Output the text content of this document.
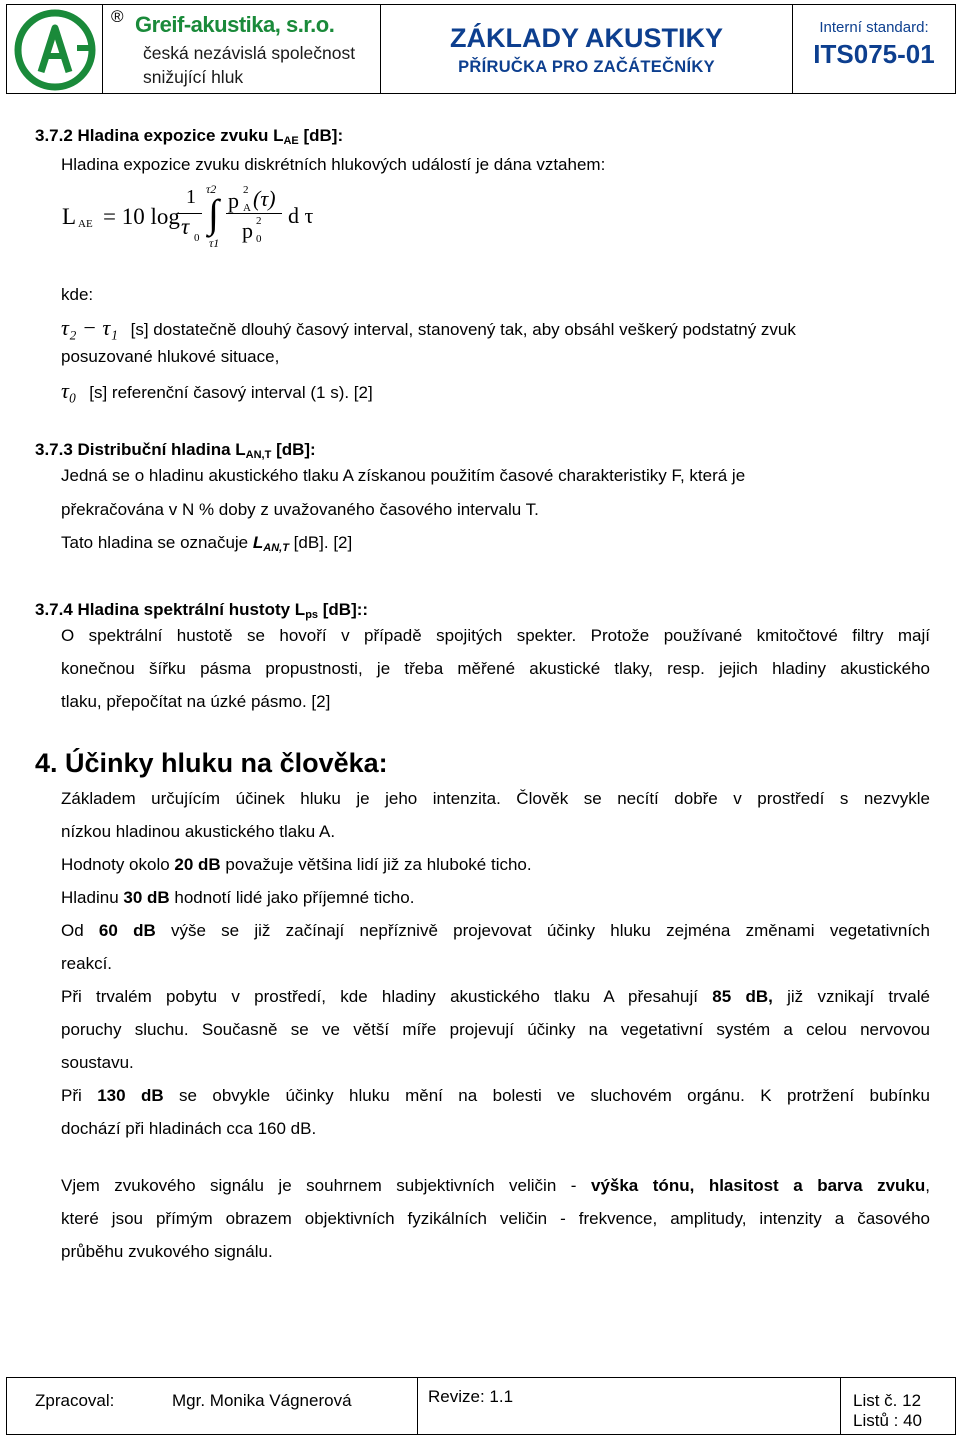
® Greif-akustika, s.r.o.
česká nezávislá společnost
snižující hluk
ZÁKLADY AKUSTIKY
PŘÍRUČKA PRO ZAČÁTEČNÍKY
Interní standard:
ITS075-01
3.7.2 Hladina expozice zvuku $L_{AE}$ [dB]:
Hladina expozice zvuku diskrétních hlukových událostí je dána vztahem:
L AE = 10 log
1
τ 0
τ2
∫
τ1
p 2
A (τ)
p 2
0
d τ
kde:
τ₂ − τ₁ [s] dostatečně dlouhý časový interval, stanovený tak, aby obsáhl veškerý podstatný zvuk
posuzované hlukové situace,
τ₀ [s] referenční časový interval (1 s). [2]
3.7.3 Distribuční hladina $L_{AN,T}$ [dB]:
Jedná se o hladinu akustického tlaku A získanou použitím časové charakteristiky F, která je
překračována v N % doby z uvažovaného časového intervalu T.
Tato hladina se označuje $L_{AN,T}$ [dB]. [2]
3.7.4 Hladina spektrální hustoty $L_{ps}$ [dB]::
O spektrální hustotě se hovoří v případě spojitých spekter. Protože používané kmitočtové filtry mají
konečnou šířku pásma propustnosti, je třeba měřené akustické tlaky, resp. jejich hladiny akustického
tlaku, přepočítat na úzké pásmo. [2]
4. Účinky hluku na člověka:
Základem určujícím účinek hluku je jeho intenzita. Člověk se necítí dobře v prostředí s nezvykle
nízkou hladinou akustického tlaku A.
Hodnoty okolo 20 dB považuje většina lidí již za hluboké ticho.
Hladinu 30 dB hodnotí lidé jako příjemné ticho.
Od 60 dB výše se již začínají nepříznivě projevovat účinky hluku zejména změnami vegetativních
reakcí.
Při trvalém pobytu v prostředí, kde hladiny akustického tlaku A přesahují 85 dB, již vznikají trvalé
poruchy sluchu. Současně se ve větší míře projevují účinky na vegetativní systém a celou nervovou
soustavu.
Při 130 dB se obvykle účinky hluku mění na bolesti ve sluchovém orgánu. K protržení bubínku
dochází při hladinách cca 160 dB.
Vjem zvukového signálu je souhrnem subjektivních veličin - výška tónu, hlasitost a barva zvuku,
které jsou přímým obrazem objektivních fyzikálních veličin - frekvence, amplitudy, intenzity a časového
průběhu zvukového signálu.
Zpracoval:	Mgr. Monika Vágnerová	Revize: 1.1	List č. 12
Listů : 40
